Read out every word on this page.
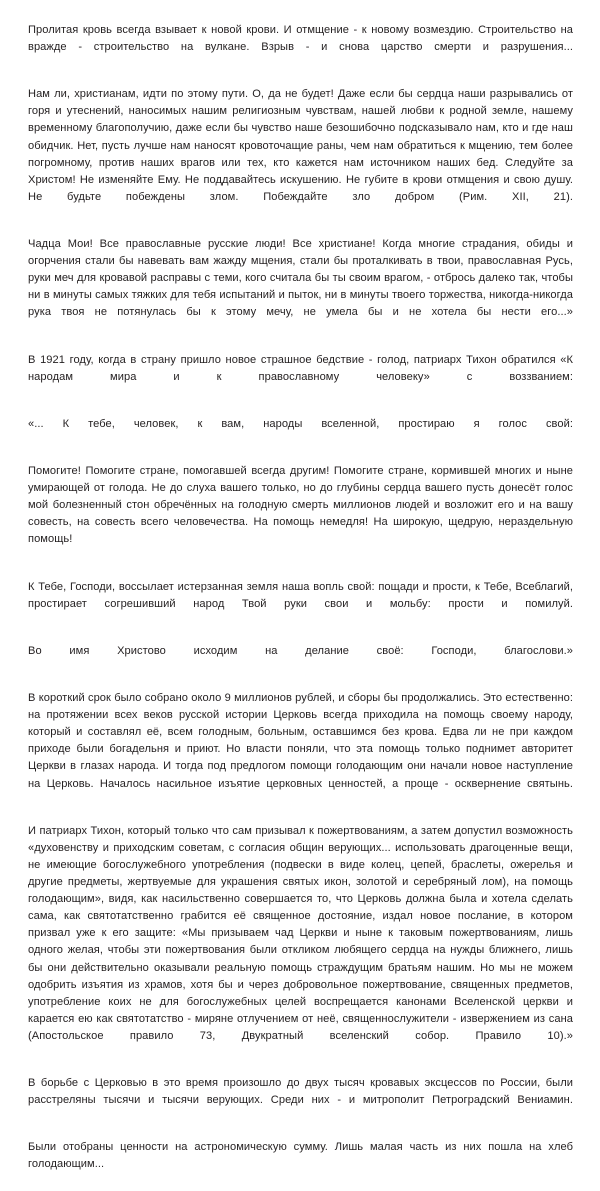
Пролитая кровь всегда взывает к новой крови. И отмщение - к новому возмездию. Строительство на вражде - строительство на вулкане. Взрыв - и снова царство смерти и разрушения...

Нам ли, христианам, идти по этому пути. О, да не будет! Даже если бы сердца наши разрывались от горя и утеснений, наносимых нашим религиозным чувствам, нашей любви к родной земле, нашему временному благополучию, даже если бы чувство наше безошибочно подсказывало нам, кто и где наш обидчик. Нет, пусть лучше нам наносят кровоточащие раны, чем нам обратиться к мщению, тем более погромному, против наших врагов или тех, кто кажется нам источником наших бед. Следуйте за Христом! Не изменяйте Ему. Не поддавайтесь искушению. Не губите в крови отмщения и свою душу. Не будьте побеждены злом. Побеждайте зло добром (Рим. XII, 21).

Чадца Мои! Все православные русские люди! Все христиане! Когда многие страдания, обиды и огорчения стали бы навевать вам жажду мщения, стали бы проталкивать в твои, православная Русь, руки меч для кровавой расправы с теми, кого считала бы ты своим врагом, - отбрось далеко так, чтобы ни в минуты самых тяжких для тебя испытаний и пыток, ни в минуты твоего торжества, никогда-никогда рука твоя не потянулась бы к этому мечу, не умела бы и не хотела бы нести его...»

В 1921 году, когда в страну пришло новое страшное бедствие - голод, патриарх Тихон обратился «К народам мира и к православному человеку» с воззванием:

«... К тебе, человек, к вам, народы вселенной, простираю я голос свой:

Помогите! Помогите стране, помогавшей всегда другим! Помогите стране, кормившей многих и ныне умирающей от голода. Не до слуха вашего только, но до глубины сердца вашего пусть донесёт голос мой болезненный стон обречённых на голодную смерть миллионов людей и возложит его и на вашу совесть, на совесть всего человечества. На помощь немедля! На широкую, щедрую, нераздельную помощь!

К Тебе, Господи, воссылает истерзанная земля наша вопль свой: пощади и прости, к Тебе, Всеблагий, простирает согрешивший народ Твой руки свои и мольбу: прости и помилуй.

Во имя Христово исходим на делание своё: Господи, благослови.»

В короткий срок было собрано около 9 миллионов рублей, и сборы бы продолжались. Это естественно: на протяжении всех веков русской истории Церковь всегда приходила на помощь своему народу, который и составлял её, всем голодным, больным, оставшимся без крова. Едва ли не при каждом приходе были богадельня и приют. Но власти поняли, что эта помощь только поднимет авторитет Церкви в глазах народа. И тогда под предлогом помощи голодающим они начали новое наступление на Церковь. Началось насильное изъятие церковных ценностей, а проще - осквернение святынь.

И патриарх Тихон, который только что сам призывал к пожертвованиям, а затем допустил возможность «духовенству и приходским советам, с согласия общин верующих... использовать драгоценные вещи, не имеющие богослужебного употребления (подвески в виде колец, цепей, браслеты, ожерелья и другие предметы, жертвуемые для украшения святых икон, золотой и серебряный лом), на помощь голодающим», видя, как насильственно совершается то, что Церковь должна была и хотела сделать сама, как святотатственно грабится её священное достояние, издал новое послание, в котором призвал уже к его защите: «Мы призываем чад Церкви и ныне к таковым пожертвованиям, лишь одного желая, чтобы эти пожертвования были откликом любящего сердца на нужды ближнего, лишь бы они действительно оказывали реальную помощь страждущим братьям нашим. Но мы не можем одобрить изъятия из храмов, хотя бы и через добровольное пожертвование, священных предметов, употребление коих не для богослужебных целей воспрещается канонами Вселенской церкви и карается ею как святотатство - миряне отлучением от неё, священнослужители - извержением из сана (Апостольское правило 73, Двукратный вселенский собор. Правило 10).»

В борьбе с Церковью в это время произошло до двух тысяч кровавых эксцессов по России, были расстреляны тысячи и тысячи верующих. Среди них - и митрополит Петроградский Вениамин.

Были отобраны ценности на астрономическую сумму. Лишь малая часть из них пошла на хлеб голодающим...
